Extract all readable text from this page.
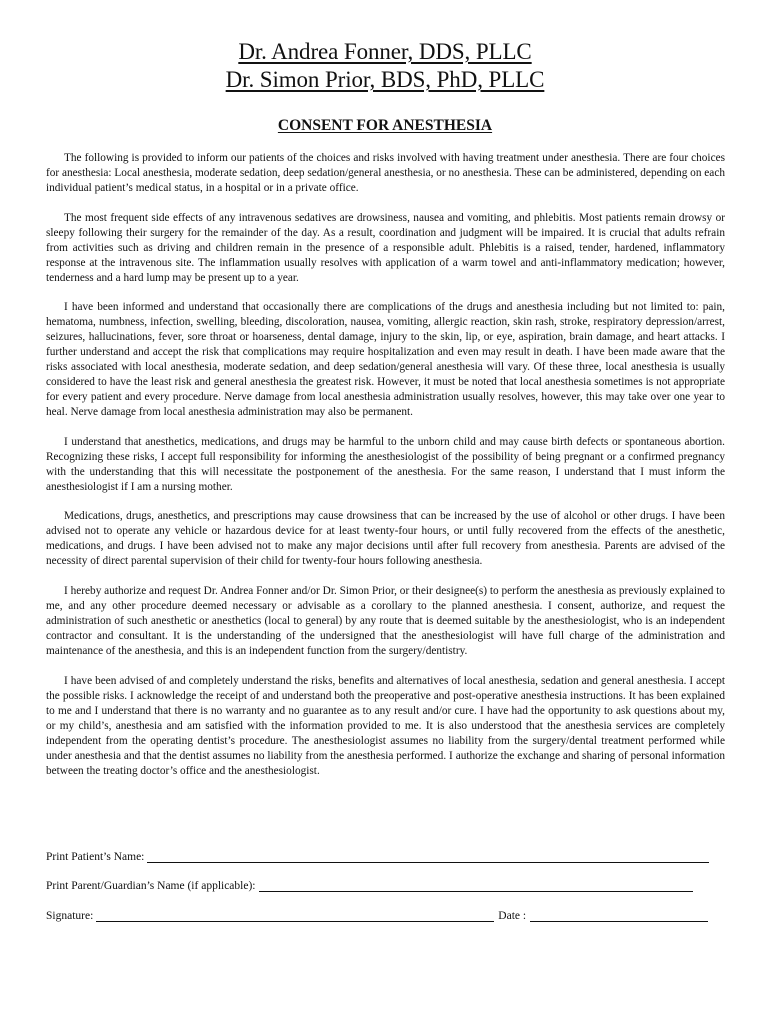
Dr. Andrea Fonner, DDS, PLLC
Dr. Simon Prior, BDS, PhD, PLLC
CONSENT FOR ANESTHESIA

The following is provided to inform our patients of the choices and risks involved with having treatment under anesthesia. There are four choices for anesthesia: Local anesthesia, moderate sedation, deep sedation/general anesthesia, or no anesthesia. These can be administered, depending on each individual patient’s medical status, in a hospital or in a private office.

The most frequent side effects of any intravenous sedatives are drowsiness, nausea and vomiting, and phlebitis. Most patients remain drowsy or sleepy following their surgery for the remainder of the day. As a result, coordination and judgment will be impaired. It is crucial that adults refrain from activities such as driving and children remain in the presence of a responsible adult. Phlebitis is a raised, tender, hardened, inflammatory response at the intravenous site. The inflammation usually resolves with application of a warm towel and anti-inflammatory medication; however, tenderness and a hard lump may be present up to a year.

I have been informed and understand that occasionally there are complications of the drugs and anesthesia including but not limited to: pain, hematoma, numbness, infection, swelling, bleeding, discoloration, nausea, vomiting, allergic reaction, skin rash, stroke, respiratory depression/arrest, seizures, hallucinations, fever, sore throat or hoarseness, dental damage, injury to the skin, lip, or eye, aspiration, brain damage, and heart attacks. I further understand and accept the risk that complications may require hospitalization and even may result in death. I have been made aware that the risks associated with local anesthesia, moderate sedation, and deep sedation/general anesthesia will vary. Of these three, local anesthesia is usually considered to have the least risk and general anesthesia the greatest risk. However, it must be noted that local anesthesia sometimes is not appropriate for every patient and every procedure. Nerve damage from local anesthesia administration usually resolves, however, this may take over one year to heal. Nerve damage from local anesthesia administration may also be permanent.

I understand that anesthetics, medications, and drugs may be harmful to the unborn child and may cause birth defects or spontaneous abortion. Recognizing these risks, I accept full responsibility for informing the anesthesiologist of the possibility of being pregnant or a confirmed pregnancy with the understanding that this will necessitate the postponement of the anesthesia. For the same reason, I understand that I must inform the anesthesiologist if I am a nursing mother.

Medications, drugs, anesthetics, and prescriptions may cause drowsiness that can be increased by the use of alcohol or other drugs. I have been advised not to operate any vehicle or hazardous device for at least twenty-four hours, or until fully recovered from the effects of the anesthetic, medications, and drugs. I have been advised not to make any major decisions until after full recovery from anesthesia. Parents are advised of the necessity of direct parental supervision of their child for twenty-four hours following anesthesia.

I hereby authorize and request Dr. Andrea Fonner and/or Dr. Simon Prior, or their designee(s) to perform the anesthesia as previously explained to me, and any other procedure deemed necessary or advisable as a corollary to the planned anesthesia. I consent, authorize, and request the administration of such anesthetic or anesthetics (local to general) by any route that is deemed suitable by the anesthesiologist, who is an independent contractor and consultant. It is the understanding of the undersigned that the anesthesiologist will have full charge of the administration and maintenance of the anesthesia, and this is an independent function from the surgery/dentistry.

I have been advised of and completely understand the risks, benefits and alternatives of local anesthesia, sedation and general anesthesia. I accept the possible risks. I acknowledge the receipt of and understand both the preoperative and post-operative anesthesia instructions. It has been explained to me and I understand that there is no warranty and no guarantee as to any result and/or cure. I have had the opportunity to ask questions about my, or my child’s, anesthesia and am satisfied with the information provided to me. It is also understood that the anesthesia services are completely independent from the operating dentist’s procedure. The anesthesiologist assumes no liability from the surgery/dental treatment performed while under anesthesia and that the dentist assumes no liability from the anesthesia performed. I authorize the exchange and sharing of personal information between the treating doctor’s office and the anesthesiologist.

Print Patient’s Name:
Print Parent/Guardian’s Name (if applicable):
Signature:	Date :
